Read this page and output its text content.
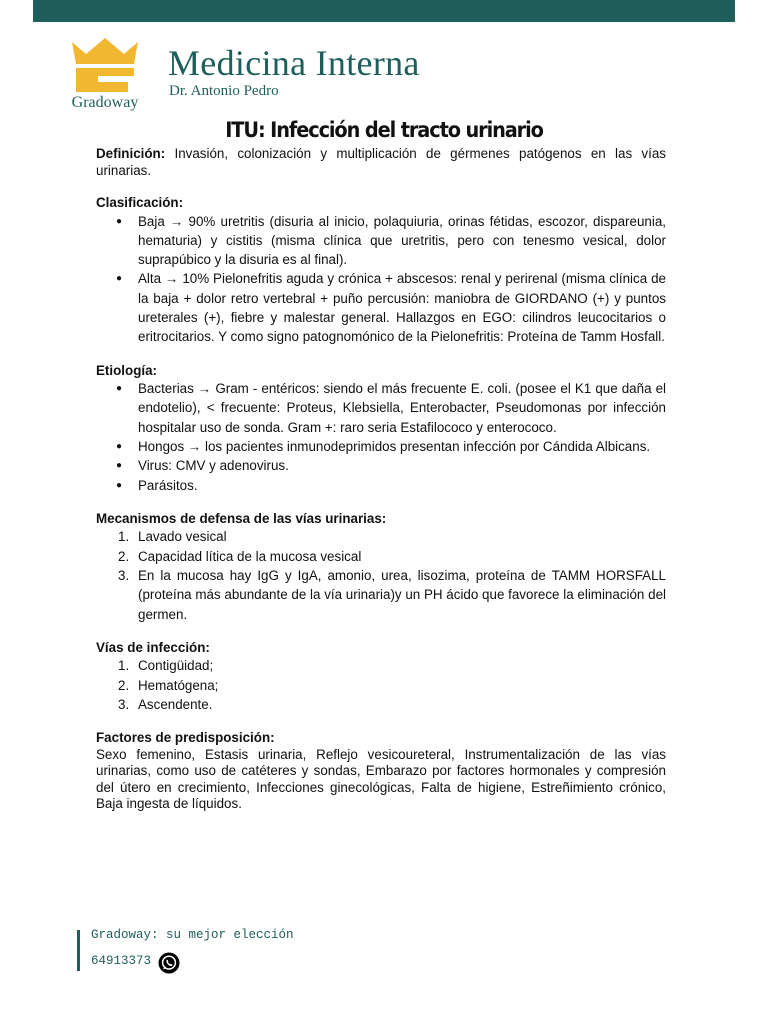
Gradoway
Medicina Interna
Dr. Antonio Pedro
ITU: Infección del tracto urinario

Definición: Invasión, colonización y multiplicación de gérmenes patógenos en las vías urinarias.

Clasificación:
● Baja → 90% uretritis (disuria al inicio, polaquiuria, orinas fétidas, escozor, dispareunia, hematuria) y cistitis (misma clínica que uretritis, pero con tenesmo vesical, dolor suprapúbico y la disuria es al final).
● Alta → 10% Pielonefritis aguda y crónica + abscesos: renal y perirenal (misma clínica de la baja + dolor retro vertebral + puño percusión: maniobra de GIORDANO (+) y puntos ureterales (+), fiebre y malestar general. Hallazgos en EGO: cilindros leucocitarios o eritrocitarios. Y como signo patognomónico de la Pielonefritis: Proteína de Tamm Hosfall.
Etiología:
● Bacterias → Gram - entéricos: siendo el más frecuente E. coli. (posee el K1 que daña el endotelio), < frecuente: Proteus, Klebsiella, Enterobacter, Pseudomonas por infección hospitalar uso de sonda. Gram +: raro seria Estafilococo y enterococo.
● Hongos → los pacientes inmunodeprimidos presentan infección por Cándida Albicans.
● Virus: CMV y adenovirus.
● Parásitos.
Mecanismos de defensa de las vías urinarias:
1. Lavado vesical
2. Capacidad lítica de la mucosa vesical
3. En la mucosa hay IgG y IgA, amonio, urea, lisozima, proteína de TAMM HORSFALL (proteína más abundante de la vía urinaria)y un PH ácido que favorece la eliminación del germen.
Vías de infección:
1. Contigüidad;
2. Hematógena;
3. Ascendente.
Factores de predisposición:

Sexo femenino, Estasis urinaria, Reflejo vesicoureteral, Instrumentalización de las vías urinarias, como uso de catéteres y sondas, Embarazo por factores hormonales y compresión del útero en crecimiento, Infecciones ginecológicas, Falta de higiene, Estreñimiento crónico, Baja ingesta de líquidos.

Gradoway: su mejor elección
64913373
